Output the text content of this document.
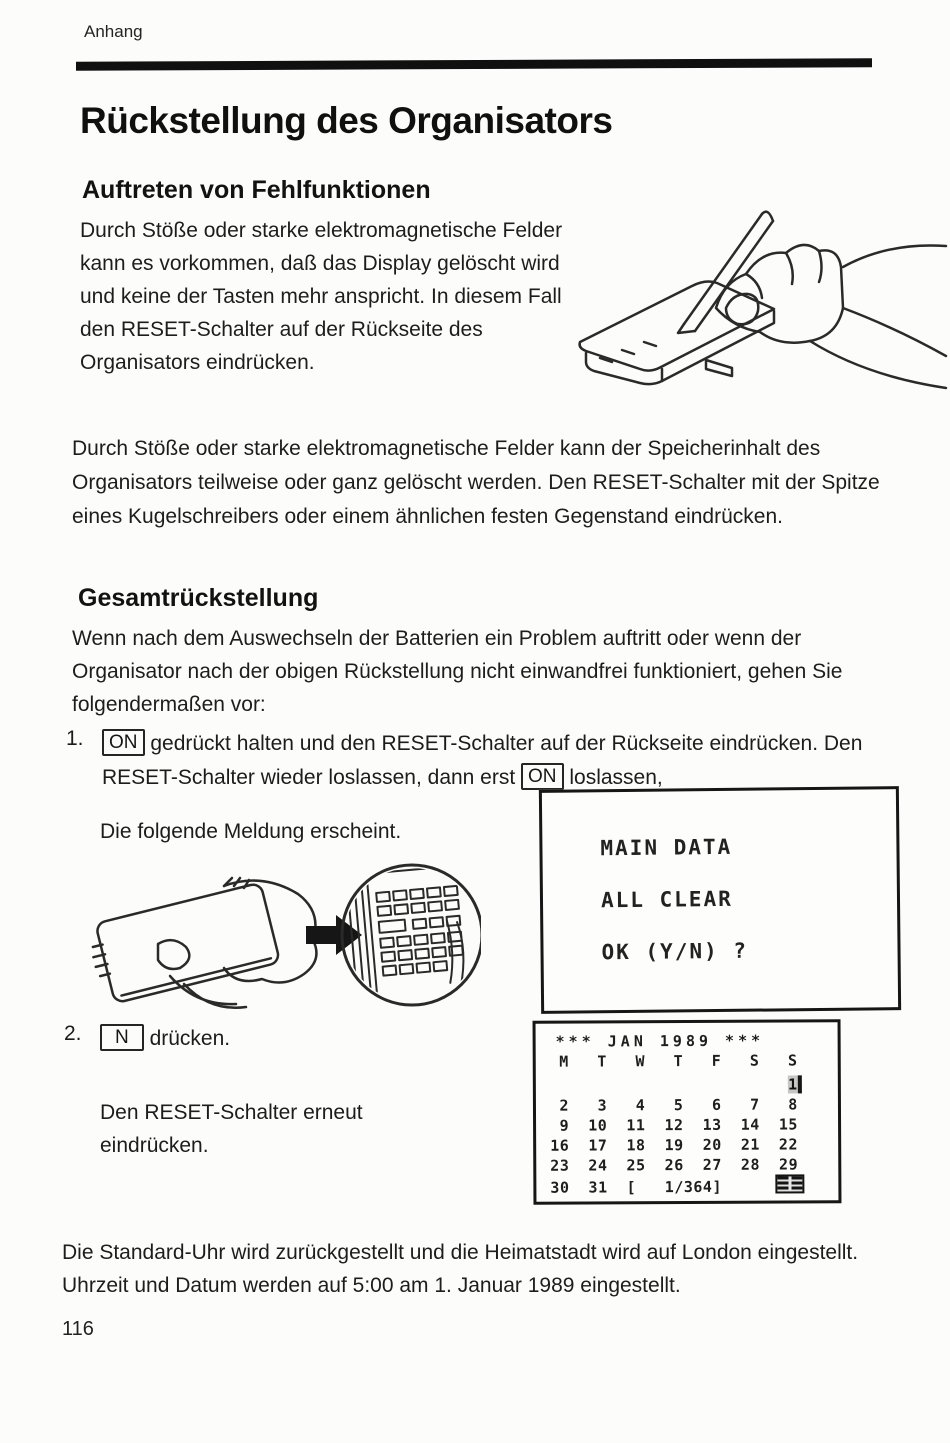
Anhang
Rückstellung des Organisators
Auftreten von Fehlfunktionen

Durch Stöße oder starke elektromagnetische Felder kann es vorkommen, daß das Display gelöscht wird und keine der Tasten mehr anspricht. In diesem Fall den RESET-Schalter auf der Rückseite des Organisators eindrücken.

Durch Stöße oder starke elektromagnetische Felder kann der Speicherinhalt des Organisators teilweise oder ganz gelöscht werden. Den RESET-Schalter mit der Spitze eines Kugelschreibers oder einem ähnlichen festen Gegenstand eindrücken.

Gesamtrückstellung

Wenn nach dem Auswechseln der Batterien ein Problem auftritt oder wenn der Organisator nach der obigen Rückstellung nicht einwandfrei funktioniert, gehen Sie folgendermaßen vor:

1.	ON gedrückt halten und den RESET-Schalter auf der Rückseite eindrücken. Den RESET-Schalter wieder loslassen, dann erst ON loslassen,
Die folgende Meldung erscheint.
MAIN DATA
ALL CLEAR
OK (Y/N) ?
2.	N drücken.
Den RESET-Schalter erneut eindrücken.
*** JAN 1989 ***
M   T   W   T   F   S   S
1
2   3   4   5   6   7   8
9  10  11  12  13  14  15
16  17  18  19  20  21  22
23  24  25  26  27  28  29
30  31  [   1/364]

Die Standard-Uhr wird zurückgestellt und die Heimatstadt wird auf London eingestellt. Uhrzeit und Datum werden auf 5:00 am 1. Januar 1989 eingestellt.

116
